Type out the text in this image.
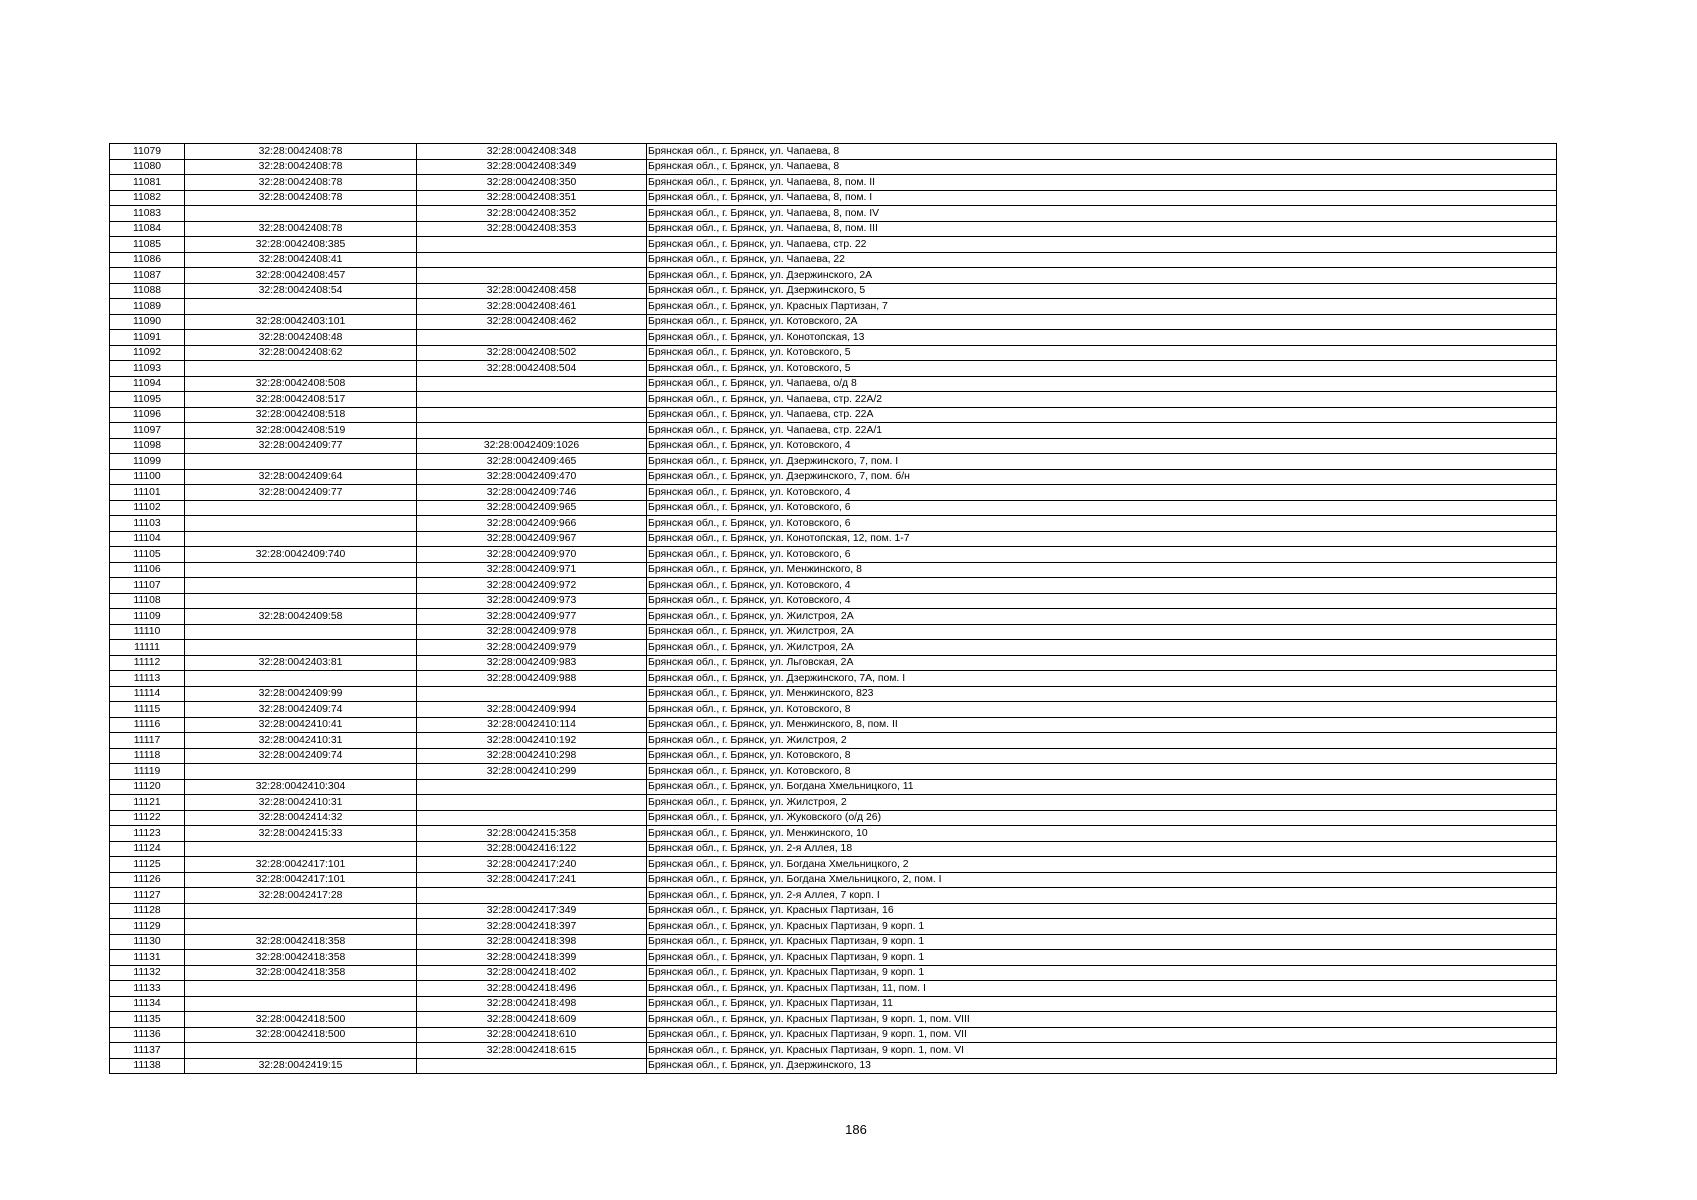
11079	32:28:0042408:78	32:28:0042408:348	Брянская обл., г. Брянск, ул. Чапаева, 8
11080	32:28:0042408:78	32:28:0042408:349	Брянская обл., г. Брянск, ул. Чапаева, 8
11081	32:28:0042408:78	32:28:0042408:350	Брянская обл., г. Брянск, ул. Чапаева, 8, пом. II
11082	32:28:0042408:78	32:28:0042408:351	Брянская обл., г. Брянск, ул. Чапаева, 8, пом. I
11083		32:28:0042408:352	Брянская обл., г. Брянск, ул. Чапаева, 8, пом. IV
11084	32:28:0042408:78	32:28:0042408:353	Брянская обл., г. Брянск, ул. Чапаева, 8, пом. III
11085	32:28:0042408:385		Брянская обл., г. Брянск, ул. Чапаева, стр. 22
11086	32:28:0042408:41		Брянская обл., г. Брянск, ул. Чапаева, 22
11087	32:28:0042408:457		Брянская обл., г. Брянск, ул. Дзержинского, 2А
11088	32:28:0042408:54	32:28:0042408:458	Брянская обл., г. Брянск, ул. Дзержинского, 5
11089		32:28:0042408:461	Брянская обл., г. Брянск, ул. Красных Партизан, 7
11090	32:28:0042403:101	32:28:0042408:462	Брянская обл., г. Брянск, ул. Котовского, 2А
11091	32:28:0042408:48		Брянская обл., г. Брянск, ул. Конотопская, 13
11092	32:28:0042408:62	32:28:0042408:502	Брянская обл., г. Брянск, ул. Котовского, 5
11093		32:28:0042408:504	Брянская обл., г. Брянск, ул. Котовского, 5
11094	32:28:0042408:508		Брянская обл., г. Брянск, ул. Чапаева, о/д 8
11095	32:28:0042408:517		Брянская обл., г. Брянск, ул. Чапаева, стр. 22А/2
11096	32:28:0042408:518		Брянская обл., г. Брянск, ул. Чапаева, стр. 22А
11097	32:28:0042408:519		Брянская обл., г. Брянск, ул. Чапаева, стр. 22А/1
11098	32:28:0042409:77	32:28:0042409:1026	Брянская обл., г. Брянск, ул. Котовского, 4
11099		32:28:0042409:465	Брянская обл., г. Брянск, ул. Дзержинского, 7, пом. I
11100	32:28:0042409:64	32:28:0042409:470	Брянская обл., г. Брянск, ул. Дзержинского, 7, пом. б/н
11101	32:28:0042409:77	32:28:0042409:746	Брянская обл., г. Брянск, ул. Котовского, 4
11102		32:28:0042409:965	Брянская обл., г. Брянск, ул. Котовского, 6
11103		32:28:0042409:966	Брянская обл., г. Брянск, ул. Котовского, 6
11104		32:28:0042409:967	Брянская обл., г. Брянск, ул. Конотопская, 12, пом. 1-7
11105	32:28:0042409:740	32:28:0042409:970	Брянская обл., г. Брянск, ул. Котовского, 6
11106		32:28:0042409:971	Брянская обл., г. Брянск, ул. Менжинского, 8
11107		32:28:0042409:972	Брянская обл., г. Брянск, ул. Котовского, 4
11108		32:28:0042409:973	Брянская обл., г. Брянск, ул. Котовского, 4
11109	32:28:0042409:58	32:28:0042409:977	Брянская обл., г. Брянск, ул. Жилстроя, 2А
11110		32:28:0042409:978	Брянская обл., г. Брянск, ул. Жилстроя, 2А
11111		32:28:0042409:979	Брянская обл., г. Брянск, ул. Жилстроя, 2А
11112	32:28:0042403:81	32:28:0042409:983	Брянская обл., г. Брянск, ул. Льговская, 2А
11113		32:28:0042409:988	Брянская обл., г. Брянск, ул. Дзержинского, 7А, пом. I
11114	32:28:0042409:99		Брянская обл., г. Брянск, ул. Менжинского, 823
11115	32:28:0042409:74	32:28:0042409:994	Брянская обл., г. Брянск, ул. Котовского, 8
11116	32:28:0042410:41	32:28:0042410:114	Брянская обл., г. Брянск, ул. Менжинского, 8, пом. II
11117	32:28:0042410:31	32:28:0042410:192	Брянская обл., г. Брянск, ул. Жилстроя, 2
11118	32:28:0042409:74	32:28:0042410:298	Брянская обл., г. Брянск, ул. Котовского, 8
11119		32:28:0042410:299	Брянская обл., г. Брянск, ул. Котовского, 8
11120	32:28:0042410:304		Брянская обл., г. Брянск, ул. Богдана Хмельницкого, 11
11121	32:28:0042410:31		Брянская обл., г. Брянск, ул. Жилстроя, 2
11122	32:28:0042414:32		Брянская обл., г. Брянск, ул. Жуковского (о/д 26)
11123	32:28:0042415:33	32:28:0042415:358	Брянская обл., г. Брянск, ул. Менжинского, 10
11124		32:28:0042416:122	Брянская обл., г. Брянск, ул. 2-я Аллея, 18
11125	32:28:0042417:101	32:28:0042417:240	Брянская обл., г. Брянск, ул. Богдана Хмельницкого, 2
11126	32:28:0042417:101	32:28:0042417:241	Брянская обл., г. Брянск, ул. Богдана Хмельницкого, 2, пом. I
11127	32:28:0042417:28		Брянская обл., г. Брянск, ул. 2-я Аллея, 7 корп. I
11128		32:28:0042417:349	Брянская обл., г. Брянск, ул. Красных Партизан, 16
11129		32:28:0042418:397	Брянская обл., г. Брянск, ул. Красных Партизан, 9 корп. 1
11130	32:28:0042418:358	32:28:0042418:398	Брянская обл., г. Брянск, ул. Красных Партизан, 9 корп. 1
11131	32:28:0042418:358	32:28:0042418:399	Брянская обл., г. Брянск, ул. Красных Партизан, 9 корп. 1
11132	32:28:0042418:358	32:28:0042418:402	Брянская обл., г. Брянск, ул. Красных Партизан, 9 корп. 1
11133		32:28:0042418:496	Брянская обл., г. Брянск, ул. Красных Партизан, 11, пом. I
11134		32:28:0042418:498	Брянская обл., г. Брянск, ул. Красных Партизан, 11
11135	32:28:0042418:500	32:28:0042418:609	Брянская обл., г. Брянск, ул. Красных Партизан, 9 корп. 1, пом. VIII
11136	32:28:0042418:500	32:28:0042418:610	Брянская обл., г. Брянск, ул. Красных Партизан, 9 корп. 1, пом. VII
11137		32:28:0042418:615	Брянская обл., г. Брянск, ул. Красных Партизан, 9 корп. 1, пом. VI
11138	32:28:0042419:15		Брянская обл., г. Брянск, ул. Дзержинского, 13
186
